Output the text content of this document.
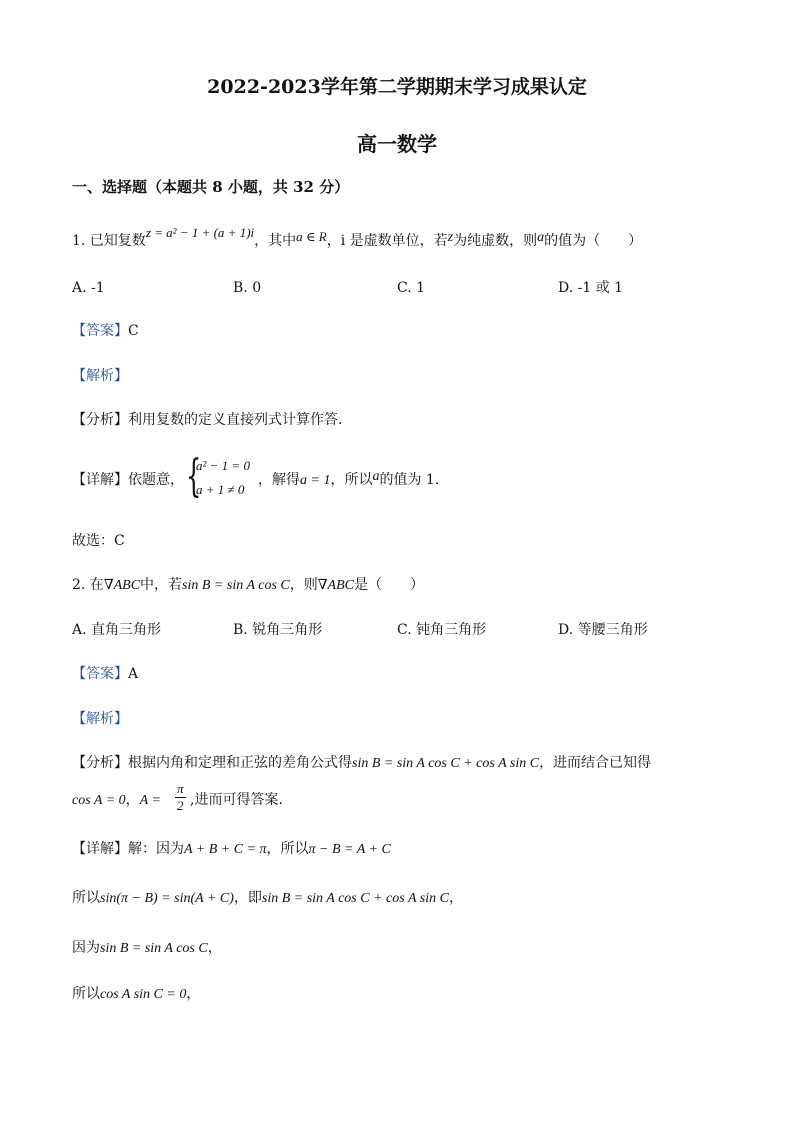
2022-2023学年第二学期期末学习成果认定
高一数学
一、选择题（本题共 8 小题，共 32 分）
1. 已知复数z = a² − 1 + (a + 1)i，其中a ∈ R，i 是虚数单位，若z为纯虚数，则a的值为（　　）
A. -1	B. 0	C. 1	D. -1 或 1
【答案】C
【解析】
【分析】利用复数的定义直接列式计算作答.
【详解】依题意， {
a² − 1 = 0
a + 1 ≠ 0
，解得a = 1，所以a的值为 1.
故选：C
2. 在∇ABC中，若sin B = sin A cos C，则∇ABC是（　　）
A. 直角三角形	B. 锐角三角形	C. 钝角三角形	D. 等腰三角形
【答案】A
【解析】
【分析】根据内角和定理和正弦的差角公式得sin B = sin A cos C + cos A sin C，进而结合已知得
cos A = 0，$A = \frac{\pi}{2}$ ,进而可得答案.
【详解】解：因为A + B + C = π，所以π − B = A + C
所以sin(π − B) = sin(A + C)，即sin B = sin A cos C + cos A sin C，
因为sin B = sin A cos C，
所以cos A sin C = 0，
